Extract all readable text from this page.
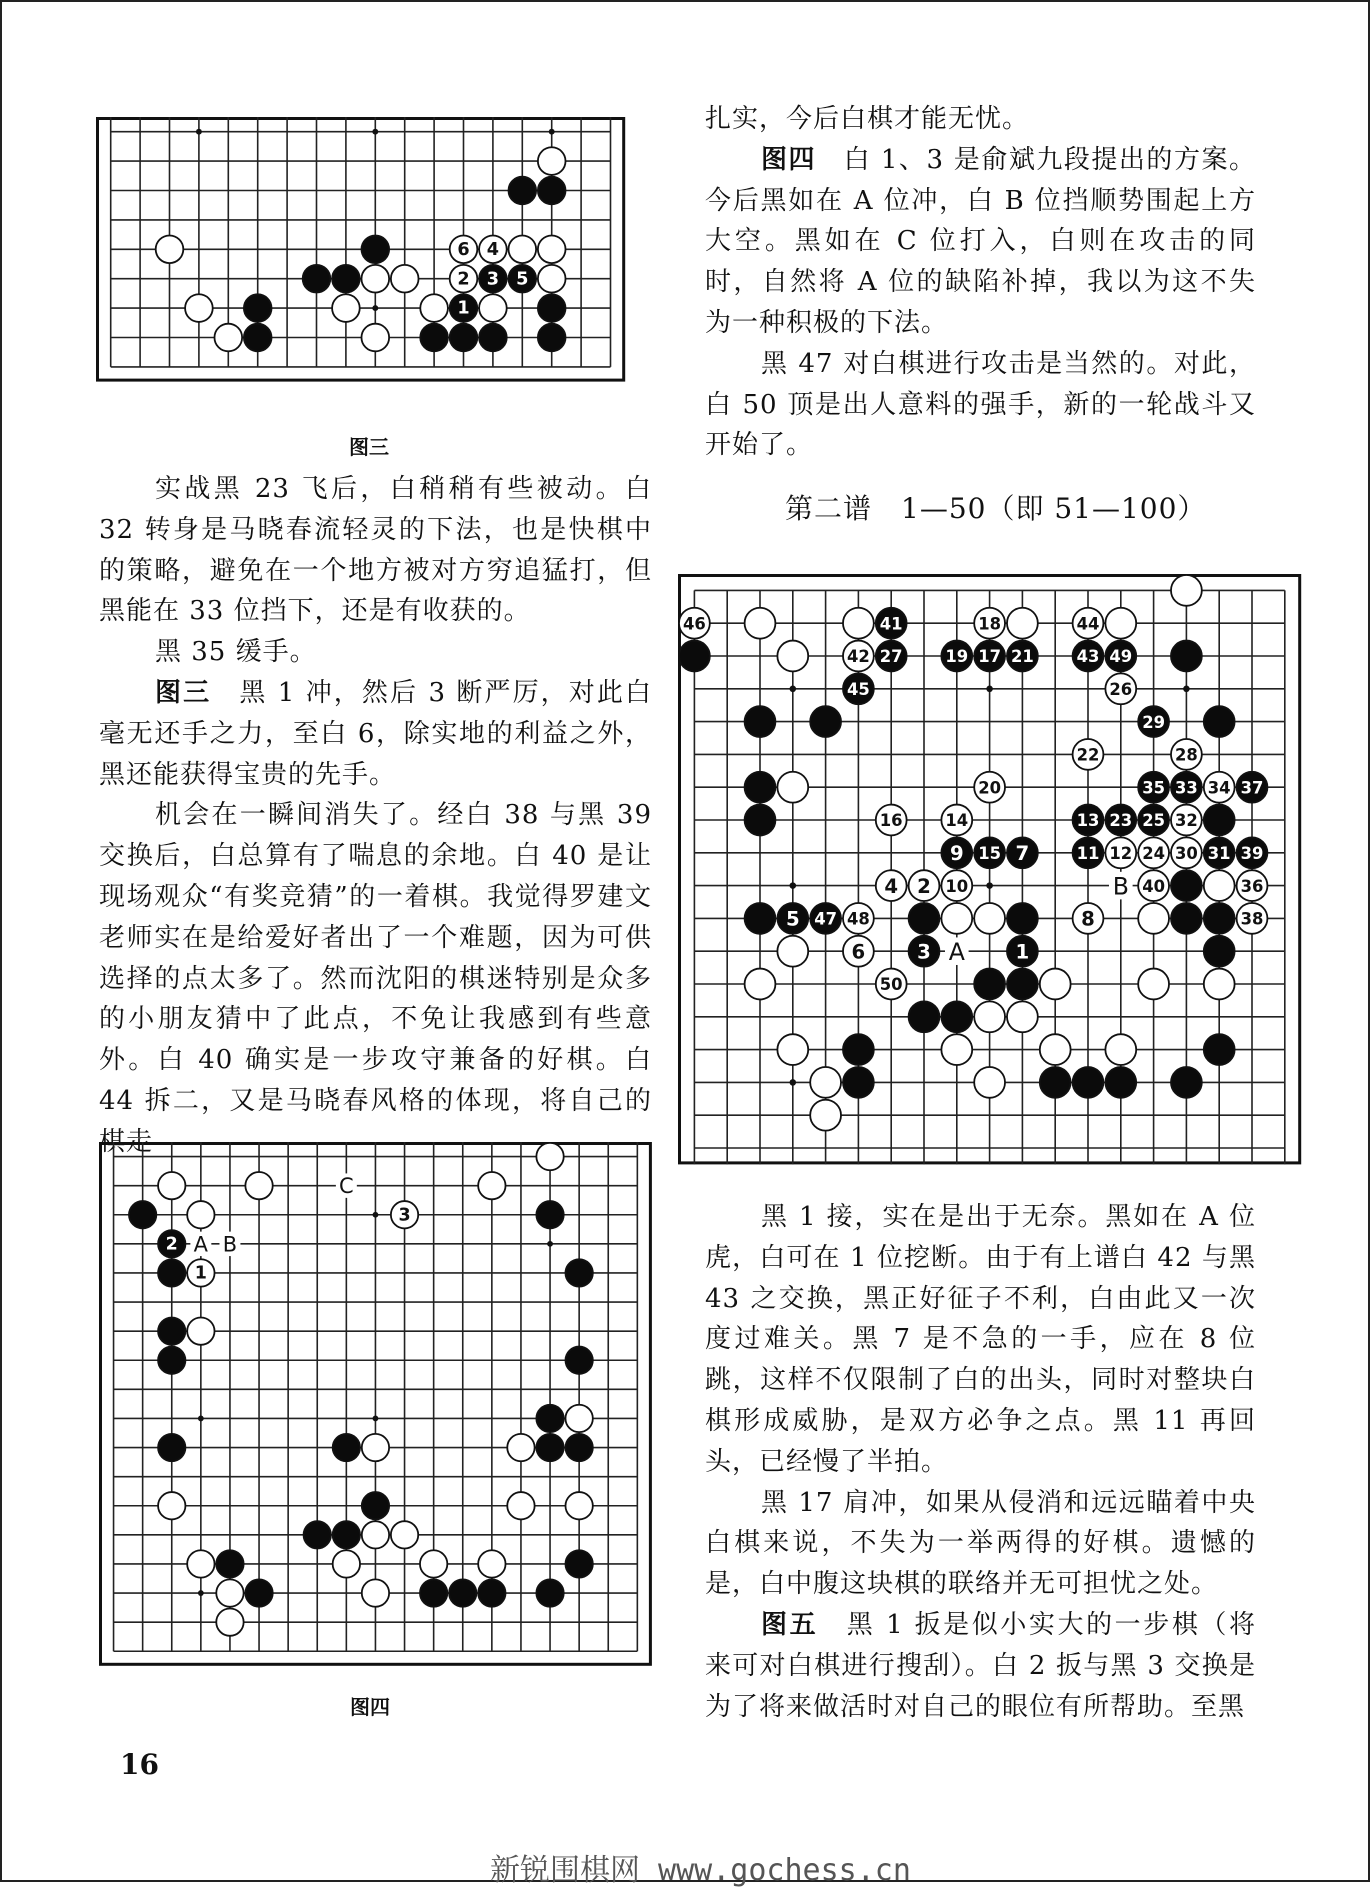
6 4
2 3 5
1
图三

实战黑 23 飞后，白稍稍有些被动。白 32 转身是马晓春流轻灵的下法，也是快棋中的策略，避免在一个地方被对方穷追猛打，但黑能在 33 位挡下，还是有收获的。

黑 35 缓手。

图三　黑 1 冲，然后 3 断严厉，对此白毫无还手之力，至白 6，除实地的利益之外，黑还能获得宝贵的先手。

机会在一瞬间消失了。经白 38 与黑 39 交换后，白总算有了喘息的余地。白 40 是让现场观众“有奖竞猜”的一着棋。我觉得罗建文老师实在是给爱好者出了一个难题，因为可供选择的点太多了。然而沈阳的棋迷特别是众多的小朋友猜中了此点，不免让我感到有些意外。白 40 确实是一步攻守兼备的好棋。白 44 拆二，又是马晓春风格的体现，将自己的棋走

C
A B
3
2
1
图四

扎实，今后白棋才能无忧。

图四　白 1、3 是俞斌九段提出的方案。今后黑如在 A 位冲，白 B 位挡顺势围起上方大空。黑如在 C 位打入，白则在攻击的同时，自然将 A 位的缺陷补掉，我以为这不失为一种积极的下法。

黑 47 对白棋进行攻击是当然的。对此，白 50 顶是出人意料的强手，新的一轮战斗又开始了。

第二谱　1—50（即 51—100）
A
B
46	41	18	44
42 27	19 17 21	43 49
45	26
29
22	28
20	35 33 34 37
16	14	13 23 25 32
9 15 7	11 12 24 30 31 39
4 2 10	40	36
5 47 48	8	38
6	3	1
50

黑 1 接，实在是出于无奈。黑如在 A 位虎，白可在 1 位挖断。由于有上谱白 42 与黑 43 之交换，黑正好征子不利，白由此又一次度过难关。黑 7 是不急的一手，应在 8 位跳，这样不仅限制了白的出头，同时对整块白棋形成威胁，是双方必争之点。黑 11 再回头，已经慢了半拍。

黑 17 肩冲，如果从侵消和远远瞄着中央白棋来说，不失为一举两得的好棋。遗憾的是，白中腹这块棋的联络并无可担忧之处。

图五　黑 1 扳是似小实大的一步棋（将来可对白棋进行搜刮）。白 2 扳与黑 3 交换是为了将来做活时对自己的眼位有所帮助。至黑

16
新锐围棋网 www.gochess.cn
